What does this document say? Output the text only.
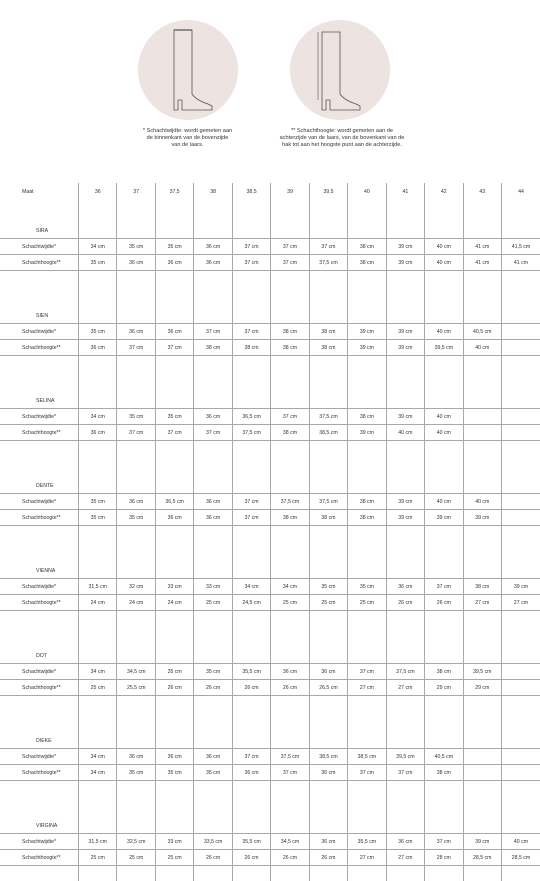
* Schachtwijdte: wordt gemeten aan
de binnenkant van de bovenzijde
van de laars.
** Schachthoogte: wordt gemeten aan de
achterzijde van de laars, van de bovenkant van de
hak tot aan het hoogste punt aan de achterzijde.
Maat	36	37	37,5	38	38,5	39	39,5	40	41	42	43	44

SIRA												
Schachtwijdte*	34 cm	35 cm	35 cm	36 cm	37 cm	37 cm	37 cm	38 cm	39 cm	40 cm	41 cm	41,5 cm
Schachthoogte**	35 cm	36 cm	36 cm	36 cm	37 cm	37 cm	37,5 cm	38 cm	39 cm	40 cm	41 cm	41 cm

SIEN												
Schachtwijdte*	35 cm	36 cm	36 cm	37 cm	37 cm	38 cm	38 cm	39 cm	39 cm	40 cm	40,5 cm	
Schachthoogte**	36 cm	37 cm	37 cm	38 cm	38 cm	38 cm	38 cm	39 cm	39 cm	39,5 cm	40 cm	

SELINA												
Schachtwijdte*	34 cm	35 cm	35 cm	36 cm	36,5 cm	37 cm	37,5 cm	38 cm	39 cm	40 cm		
Schachthoogte**	36 cm	37 cm	37 cm	37 cm	37,5 cm	38 cm	38,5 cm	39 cm	40 cm	40 cm		

DENTE												
Schachtwijdte*	35 cm	36 cm	36,5 cm	36 cm	37 cm	37,5 cm	37,5 cm	38 cm	39 cm	40 cm	40 cm	
Schachthoogte**	35 cm	35 cm	36 cm	36 cm	37 cm	38 cm	38 cm	38 cm	39 cm	39 cm	39 cm	

VIENNA												
Schachtwijdte*	31,5 cm	32 cm	33 cm	33 cm	34 cm	34 cm	35 cm	35 cm	36 cm	37 cm	38 cm	39 cm
Schachthoogte**	24 cm	24 cm	24 cm	25 cm	24,5 cm	25 cm	25 cm	25 cm	26 cm	26 cm	27 cm	27 cm

DOT												
Schachtwijdte*	34 cm	34,5 cm	35 cm	35 cm	35,5 cm	36 cm	36 cm	37 cm	37,5 cm	38 cm	39,5 cm	
Schachthoogte**	25 cm	25,5 cm	26 cm	26 cm	26 cm	26 cm	26,5 cm	27 cm	27 cm	29 cm	29 cm	

DIEKE												
Schachtwijdte*	34 cm	36 cm	36 cm	36 cm	37 cm	37,5 cm	38,5 cm	38,5 cm	39,5 cm	40,5 cm		
Schachthoogte**	34 cm	35 cm	35 cm	35 cm	36 cm	37 cm	36 cm	37 cm	37 cm	38 cm		

VIRGINA												
Schachtwijdte*	31,5 cm	32,5 cm	33 cm	33,5 cm	35,5 cm	34,5 cm	36 cm	35,5 cm	36 cm	37 cm	39 cm	40 cm
Schachthoogte**	25 cm	25 cm	25 cm	26 cm	26 cm	26 cm	26 cm	27 cm	27 cm	28 cm	28,5 cm	28,5 cm
